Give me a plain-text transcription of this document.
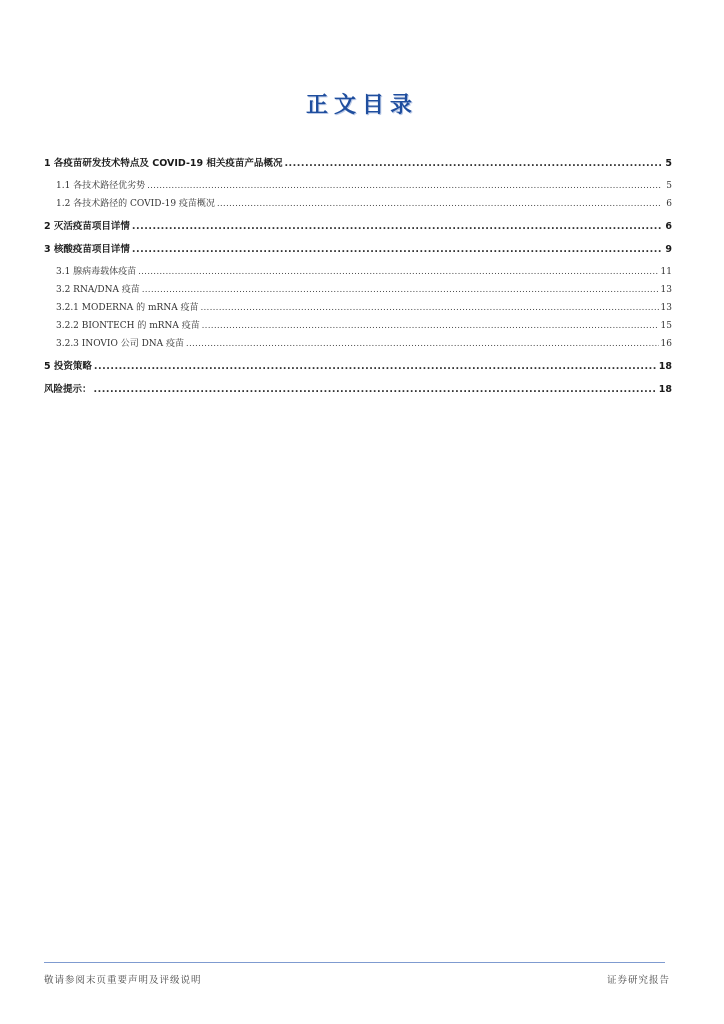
正文目录
1 各疫苗研发技术特点及 COVID-19 相关疫苗产品概况 .....	5
1.1 各技术路径优劣势 .....	5
1.2 各技术路径的 COVID-19 疫苗概况 .....	6
2 灭活疫苗项目详情 .....	6
3 核酸疫苗项目详情 .....	9
3.1 腺病毒载体疫苗 .....	11
3.2 RNA/DNA 疫苗 .....	13
3.2.1 MODERNA 的 mRNA 疫苗 .....	13
3.2.2 BIONTECH 的 mRNA 疫苗 .....	15
3.2.3 INOVIO 公司 DNA 疫苗 .....	16
5 投资策略 .....	18
风险提示： .....	18
敬请参阅末页重要声明及评级说明	证券研究报告
